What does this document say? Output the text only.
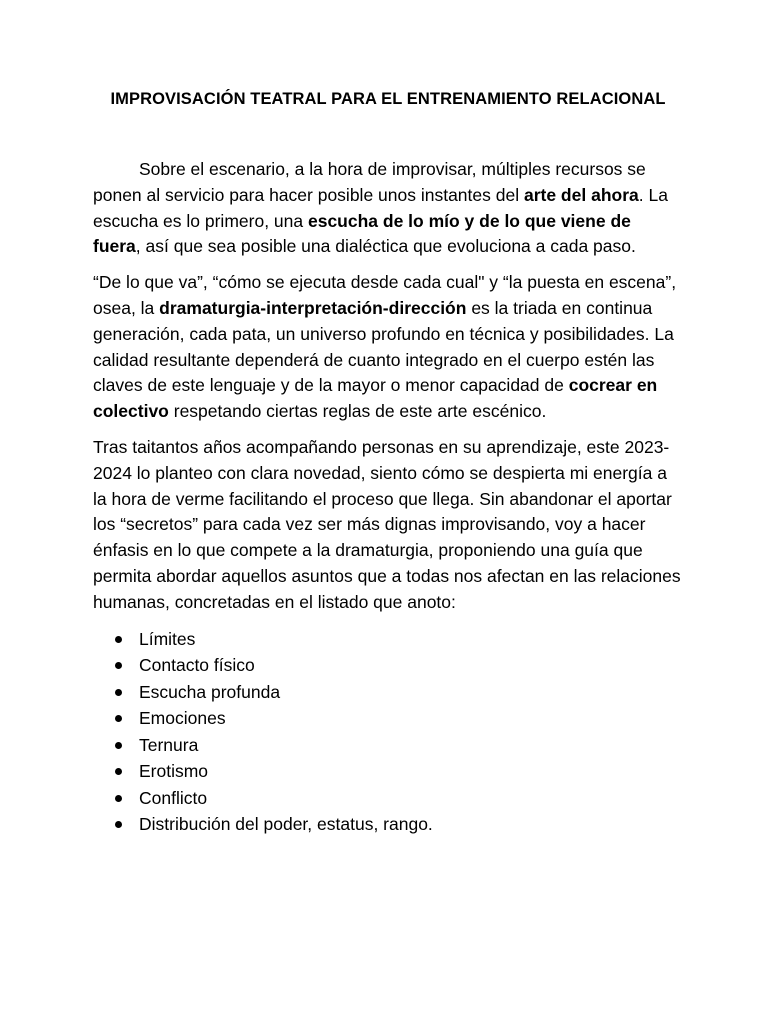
IMPROVISACIÓN TEATRAL PARA EL ENTRENAMIENTO RELACIONAL

Sobre el escenario, a la hora de improvisar, múltiples recursos se ponen al servicio para hacer posible unos instantes del arte del ahora. La escucha es lo primero, una escucha de lo mío y de lo que viene de fuera, así que sea posible una dialéctica que evoluciona a cada paso.

“De lo que va”, “cómo se ejecuta desde cada cual" y “la puesta en escena”, osea, la dramaturgia-interpretación-dirección es la triada en continua generación, cada pata, un universo profundo en técnica y posibilidades. La calidad resultante dependerá de cuanto integrado en el cuerpo estén las claves de este lenguaje y de la mayor o menor capacidad de cocrear en colectivo respetando ciertas reglas de este arte escénico.

Tras taitantos años acompañando personas en su aprendizaje, este 2023-2024 lo planteo con clara novedad, siento cómo se despierta mi energía a la hora de verme facilitando el proceso que llega. Sin abandonar el aportar los “secretos” para cada vez ser más dignas improvisando, voy a hacer énfasis en lo que compete a la dramaturgia, proponiendo una guía que permita abordar aquellos asuntos que a todas nos afectan en las relaciones humanas, concretadas en el listado que anoto:

Límites
Contacto físico
Escucha profunda
Emociones
Ternura
Erotismo
Conflicto
Distribución del poder, estatus, rango.
